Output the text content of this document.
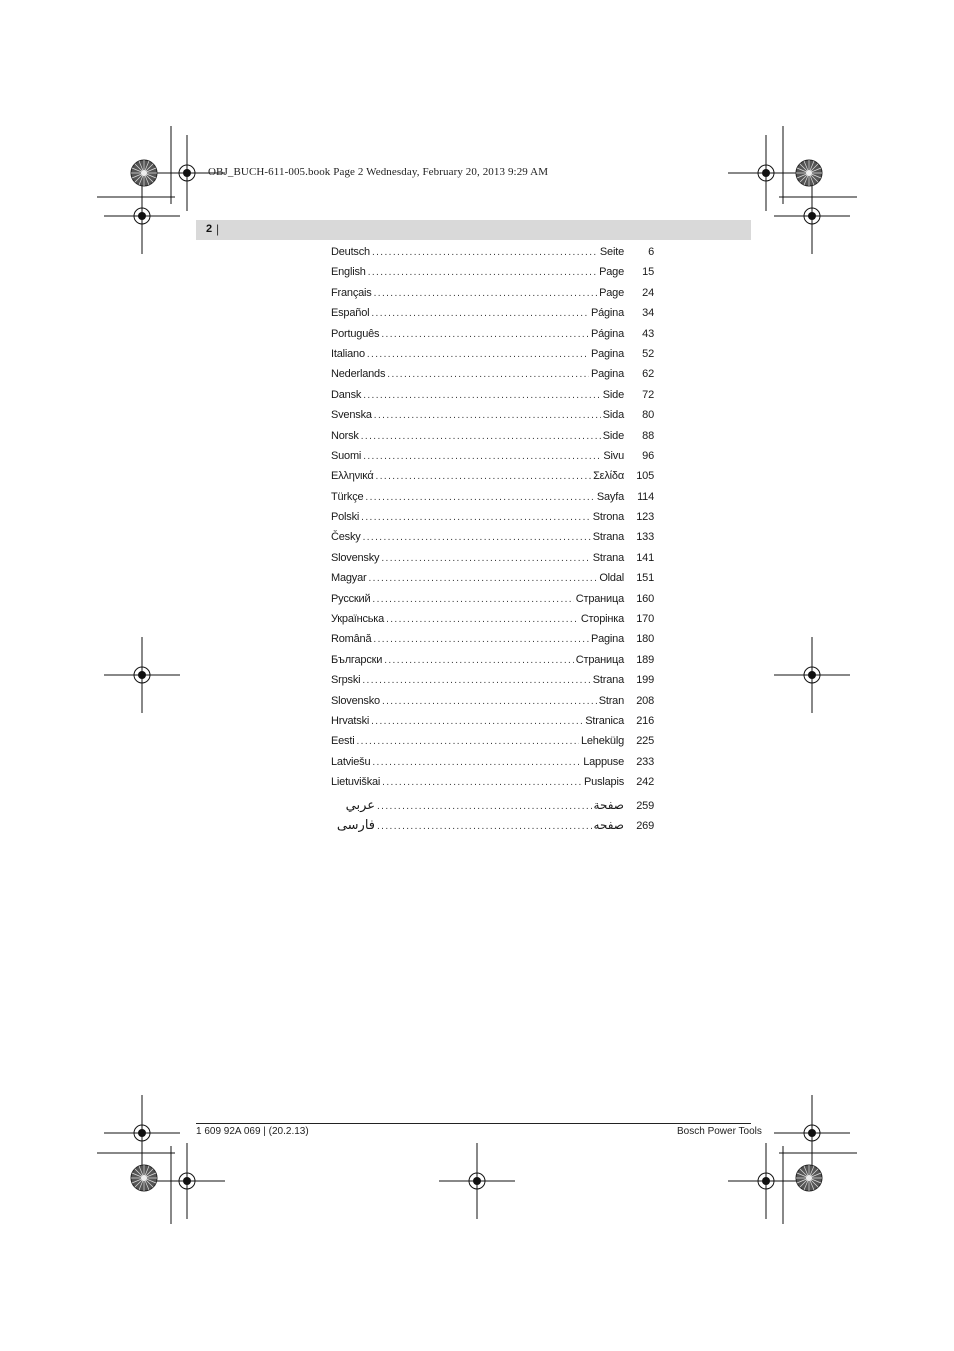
OBJ_BUCH-611-005.book Page 2 Wednesday, February 20, 2013 9:29 AM
2 |
Deutsch .....	Seite	6
English .....	Page	15
Français .....	Page	24
Español .....	Página	34
Português .....	Página	43
Italiano .....	Pagina	52
Nederlands .....	Pagina	62
Dansk .....	Side	72
Svenska .....	Sida	80
Norsk .....	Side	88
Suomi .....	Sivu	96
Ελληνικά .....	Σελίδα	105
Türkçe .....	Sayfa	114
Polski .....	Strona	123
Česky .....	Strana	133
Slovensky .....	Strana	141
Magyar .....	Oldal	151
Русский .....	Страница	160
Українська .....	Сторінка	170
Română .....	Pagina	180
Български .....	Страница	189
Srpski .....	Strana	199
Slovensko .....	Stran	208
Hrvatski .....	Stranica	216
Eesti .....	Lehekülg	225
Latviešu .....	Lappuse	233
Lietuviškai .....	Puslapis	242
عربي .....	صفحة	259
فارسی .....	صفحه	269
1 609 92A 069 | (20.2.13)	Bosch Power Tools
